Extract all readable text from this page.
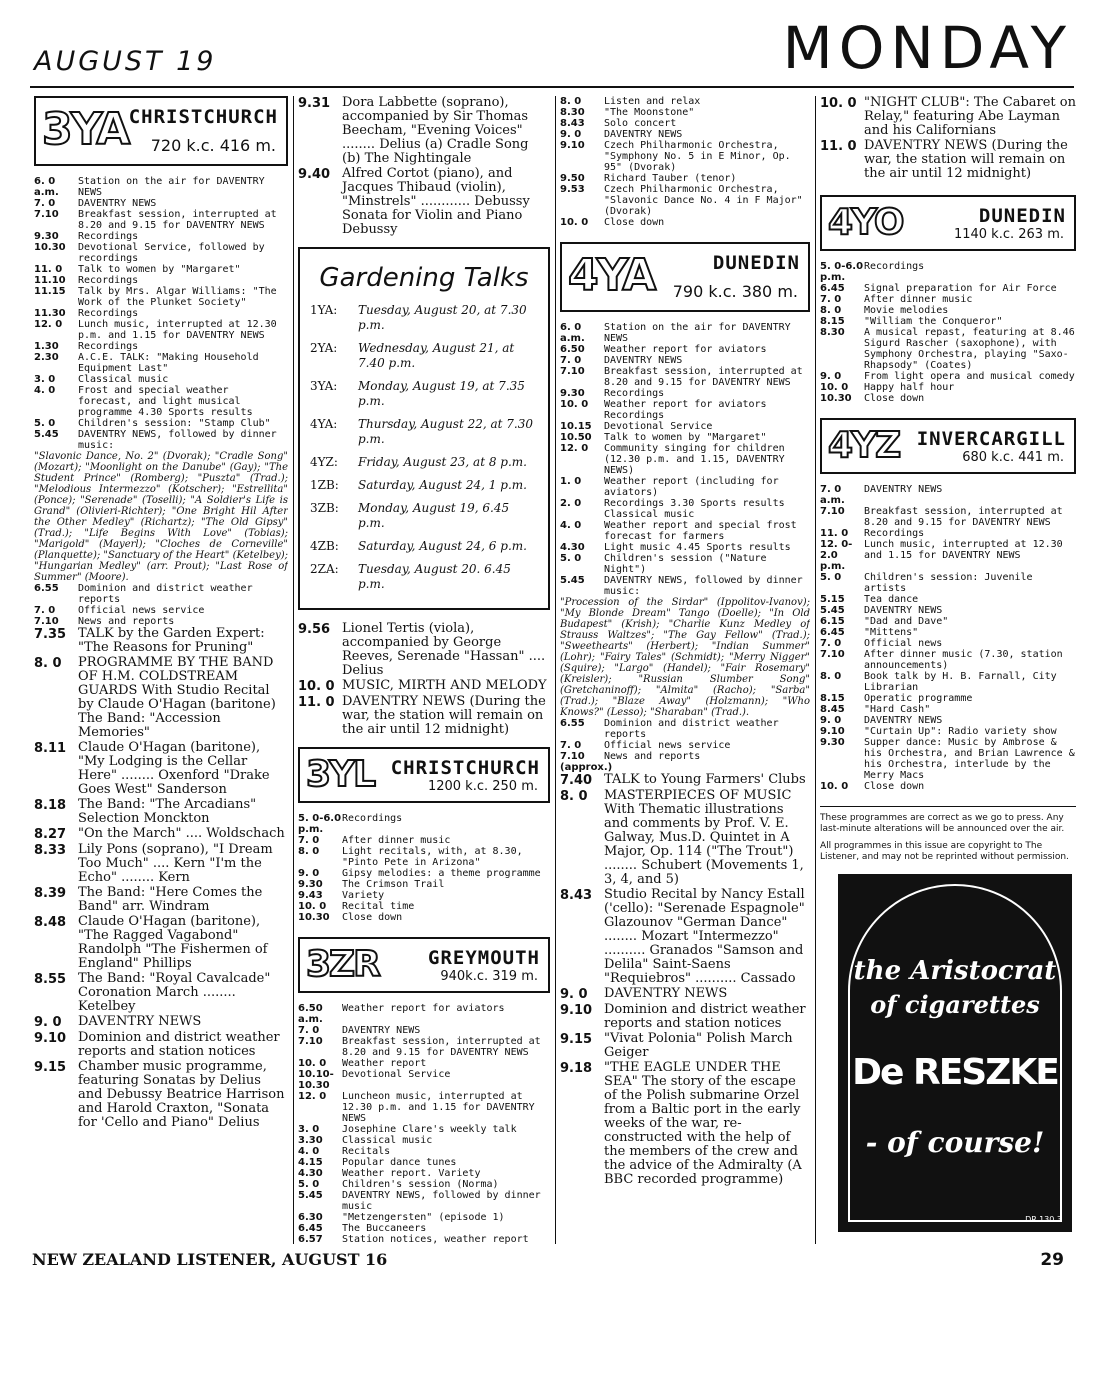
AUGUST 19	MONDAY
3YA CHRISTCHURCH
720 k.c. 416 m.
6. 0 a.m.
Station on the air for DAVENTRY NEWS
7. 0	DAVENTRY NEWS
7.10	Breakfast session, interrupted at 8.20 and 9.15 for DAVENTRY NEWS
9.30	Recordings
10.30	Devotional Service, followed by recordings
11. 0	Talk to women by "Margaret"
11.10	Recordings
11.15	Talk by Mrs. Algar Williams: "The Work of the Plunket Society"
11.30	Recordings
12. 0	Lunch music, interrupted at 12.30 p.m. and 1.15 for DAVENTRY NEWS
1.30	Recordings
2.30	A.C.E. TALK: "Making Household Equipment Last"
3. 0	Classical music
4. 0	Frost and special weather forecast, and light musical programme 4.30 Sports results
5. 0	Children's session: "Stamp Club"
5.45	DAVENTRY NEWS, followed by dinner music:
"Slavonic Dance, No. 2" (Dvorak); "Cradle Song" (Mozart); "Moonlight on the Danube" (Gay); "The Student Prince" (Romberg); "Puszta" (Trad.); "Melodious Intermezzo" (Kotscher); "Estrellita" (Ponce); "Serenade" (Toselli); "A Soldier's Life is Grand" (Olivieri-Richter); "One Bright Hil After the Other Medley" (Richartz); "The Old Gipsy" (Trad.); "Life Begins With Love" (Tobias); "Marigold" (Mayerl); "Cloches de Corneville" (Planquette); "Sanctuary of the Heart" (Ketelbey); "Hungarian Medley" (arr. Prout); "Last Rose of Summer" (Moore).
6.55	Dominion and district weather reports
7. 0	Official news service
7.10	News and reports
7.35 TALK by the Garden Expert: "The Reasons for Pruning"
8. 0	PROGRAMME BY THE BAND OF H.M. COLDSTREAM GUARDS With Studio Recital by Claude O'Hagan (baritone) The Band: "Accession Memories"
8.11 Claude O'Hagan (baritone), "My Lodging is the Cellar Here" ........ Oxenford "Drake Goes West" Sanderson
8.18 The Band: "The Arcadians" Selection Monckton
8.27 "On the March" .... Woldschach
8.33 Lily Pons (soprano), "I Dream Too Much" .... Kern "I'm the Echo" ........ Kern
8.39 The Band: "Here Comes the Band" arr. Windram
8.48 Claude O'Hagan (baritone), "The Ragged Vagabond" Randolph "The Fishermen of England" Phillips
8.55 The Band: "Royal Cavalcade" Coronation March ........ Ketelbey
9. 0	DAVENTRY NEWS
9.10 Dominion and district weather reports and station notices
9.15 Chamber music programme, featuring Sonatas by Delius and Debussy Beatrice Harrison and Harold Craxton, "Sonata for 'Cello and Piano" Delius
9.31 Dora Labbette (soprano), accompanied by Sir Thomas Beecham, "Evening Voices" ........ Delius (a) Cradle Song (b) The Nightingale
9.40 Alfred Cortot (piano), and Jacques Thibaud (violin), "Minstrels" ............ Debussy Sonata for Violin and Piano Debussy
Gardening Talks
1YA:	Tuesday, August 20, at 7.30 p.m.
2YA:	Wednesday, August 21, at 7.40 p.m.
3YA:	Monday, August 19, at 7.35 p.m.
4YA:	Thursday, August 22, at 7.30 p.m.
4YZ:	Friday, August 23, at 8 p.m.
1ZB:	Saturday, August 24, 1 p.m.
3ZB:	Monday, August 19, 6.45 p.m.
4ZB:	Saturday, August 24, 6 p.m.
2ZA:	Tuesday, August 20. 6.45 p.m.
9.56 Lionel Tertis (viola), accompanied by George Reeves, Serenade "Hassan" .... Delius
10. 0 MUSIC, MIRTH AND MELODY
11. 0 DAVENTRY NEWS (During the war, the station will remain on the air until 12 midnight)
3YL CHRISTCHURCH
1200 k.c. 250 m.
5. 0-6.0 p.m.
Recordings
7. 0	After dinner music
8. 0	Light recitals, with, at 8.30, "Pinto Pete in Arizona"
9. 0	Gipsy melodies: a theme programme
9.30	The Crimson Trail
9.43	Variety
10. 0	Recital time
10.30	Close down
3ZR	GREYMOUTH
940k.c. 319 m.
6.50 a.m.
Weather report for aviators
7. 0	DAVENTRY NEWS
7.10	Breakfast session, interrupted at 8.20 and 9.15 for DAVENTRY NEWS
10. 0	Weather report
10.10-10.30
Devotional Service
12. 0	Luncheon music, interrupted at 12.30 p.m. and 1.15 for DAVENTRY NEWS
3. 0	Josephine Clare's weekly talk
3.30	Classical music
4. 0	Recitals
4.15	Popular dance tunes
4.30	Weather report. Variety
5. 0	Children's session (Norma)
5.45	DAVENTRY NEWS, followed by dinner music
6.30	"Metzengersten" (episode 1)
6.45	The Buccaneers
6.57	Station notices, weather report
8. 0	Listen and relax
8.30	"The Moonstone"
8.43	Solo concert
9. 0	DAVENTRY NEWS
9.10	Czech Philharmonic Orchestra, "Symphony No. 5 in E Minor, Op. 95" (Dvorak)
9.50	Richard Tauber (tenor)
9.53	Czech Philharmonic Orchestra, "Slavonic Dance No. 4 in F Major" (Dvorak)
10. 0	Close down
4YA	DUNEDIN
790 k.c. 380 m.
6. 0 a.m.
Station on the air for DAVENTRY NEWS
6.50	Weather report for aviators
7. 0	DAVENTRY NEWS
7.10	Breakfast session, interrupted at 8.20 and 9.15 for DAVENTRY NEWS
9.30	Recordings
10. 0	Weather report for aviators Recordings
10.15	Devotional Service
10.50	Talk to women by "Margaret"
12. 0	Community singing for children (12.30 p.m. and 1.15, DAVENTRY NEWS)
1. 0	Weather report (including for aviators)
2. 0	Recordings 3.30 Sports results Classical music
4. 0	Weather report and special frost forecast for farmers
4.30	Light music 4.45 Sports results
5. 0	Children's session ("Nature Night")
5.45	DAVENTRY NEWS, followed by dinner music:
"Procession of the Sirdar" (Ippolitov-Ivanov); "My Blonde Dream" Tango (Doelle); "In Old Budapest" (Krish); "Charlie Kunz Medley of Strauss Waltzes"; "The Gay Fellow" (Trad.); "Sweethearts" (Herbert); "Indian Summer" (Lohr); "Fairy Tales" (Schmidt); "Merry Nigger" (Squire); "Largo" (Handel); "Fair Rosemary" (Kreisler); "Russian Slumber Song" (Gretchaninoff); "Almita" (Racho); "Sarba" (Trad.); "Blaze Away" (Holzmann); "Who Knows?" (Lesso); "Sharaban" (Trad.).
6.55	Dominion and district weather reports
7. 0	Official news service
7.10	News and reports
(approx.)
7.40 TALK to Young Farmers' Clubs
8. 0	MASTERPIECES OF MUSIC With Thematic illustrations and comments by Prof. V. E. Galway, Mus.D. Quintet in A Major, Op. 114 ("The Trout") ........ Schubert (Movements 1, 3, 4, and 5)
8.43 Studio Recital by Nancy Estall ('cello): "Serenade Espagnole" Glazounov "German Dance" ........ Mozart "Intermezzo" .......... Granados "Samson and Delila" Saint-Saens "Requiebros" .......... Cassado
9. 0	DAVENTRY NEWS
9.10 Dominion and district weather reports and station notices
9.15 "Vivat Polonia" Polish March Geiger
9.18 "THE EAGLE UNDER THE SEA" The story of the escape of the Polish submarine Orzel from a Baltic port in the early weeks of the war, re-constructed with the help of the members of the crew and the advice of the Admiralty (A BBC recorded programme)
10. 0 "NIGHT CLUB": The Cabaret on Relay," featuring Abe Layman and his Californians
11. 0 DAVENTRY NEWS (During the war, the station will remain on the air until 12 midnight)
4YO	DUNEDIN
1140 k.c. 263 m.
5. 0-6.0 p.m.
Recordings
6.45	Signal preparation for Air Force
7. 0	After dinner music
8. 0	Movie melodies
8.15	"William the Conqueror"
8.30	A musical repast, featuring at 8.46 Sigurd Rascher (saxophone), with Symphony Orchestra, playing "Saxo-Rhapsody" (Coates)
9. 0	From light opera and musical comedy
10. 0	Happy half hour
10.30	Close down
4YZ INVERCARGILL
680 k.c. 441 m.
7. 0 a.m.
DAVENTRY NEWS
7.10	Breakfast session, interrupted at 8.20 and 9.15 for DAVENTRY NEWS
11. 0	Recordings
12. 0-2.0 p.m.
Lunch music, interrupted at 12.30 and 1.15 for DAVENTRY NEWS
5. 0	Children's session: Juvenile artists
5.15	Tea dance
5.45	DAVENTRY NEWS
6.15	"Dad and Dave"
6.45	"Mittens"
7. 0	Official news
7.10	After dinner music (7.30, station announcements)
8. 0	Book talk by H. B. Farnall, City Librarian
8.15	Operatic programme
8.45	"Hard Cash"
9. 0	DAVENTRY NEWS
9.10	"Curtain Up": Radio variety show
9.30	Supper dance: Music by Ambrose & his Orchestra, and Brian Lawrence & his Orchestra, interlude by the Merry Macs
10. 0	Close down
These programmes are correct as we go to press. Any last-minute alterations will be announced over the air.
All programmes in this issue are copyright to The Listener, and may not be reprinted without permission.
the Aristocrat
of cigarettes
De RESZKE
- of course!
DR.130.3
NEW ZEALAND LISTENER, AUGUST 16	29
